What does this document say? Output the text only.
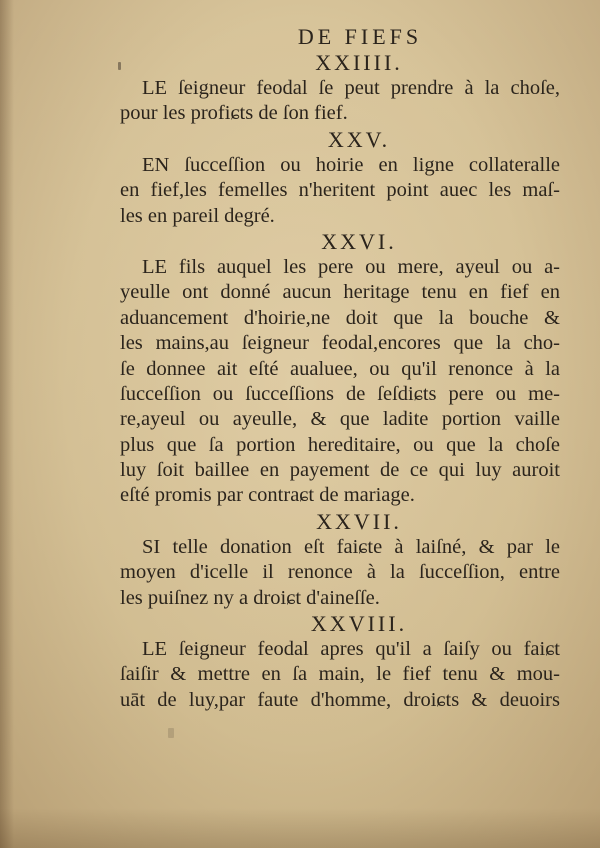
DE FIEFS
XXIIII.
LE ſeigneur feodal ſe peut prendre à la choſe,
pour les profiɕts de ſon fief.
XXV.
EN ſucceſſion ou hoirie en ligne collateralle
en fief,les femelles n'heritent point auec les maſ-
les en pareil degré.
XXVI.
LE fils auquel les pere ou mere, ayeul ou a-
yeulle ont donné aucun heritage tenu en fief en
aduancement d'hoirie,ne doit que la bouche &
les mains,au ſeigneur feodal,encores que la cho-
ſe donnee ait eſté aualuee, ou qu'il renonce à la
ſucceſſion ou ſucceſſions de ſeſdiɕts pere ou me-
re,ayeul ou ayeulle, & que ladite portion vaille
plus que ſa portion hereditaire, ou que la choſe
luy ſoit baillee en payement de ce qui luy auroit
eſté promis par contraɕt de mariage.
XXVII.
SI telle donation eſt faiɕte à laiſné, & par le
moyen d'icelle il renonce à la ſucceſſion, entre
les puiſnez ny a droiɕt d'aineſſe.
XXVIII.
LE ſeigneur feodal apres qu'il a ſaiſy ou faiɕt
ſaiſir & mettre en ſa main, le fief tenu & mou-
uāt de luy,par faute d'homme, droiɕts & deuoirs
